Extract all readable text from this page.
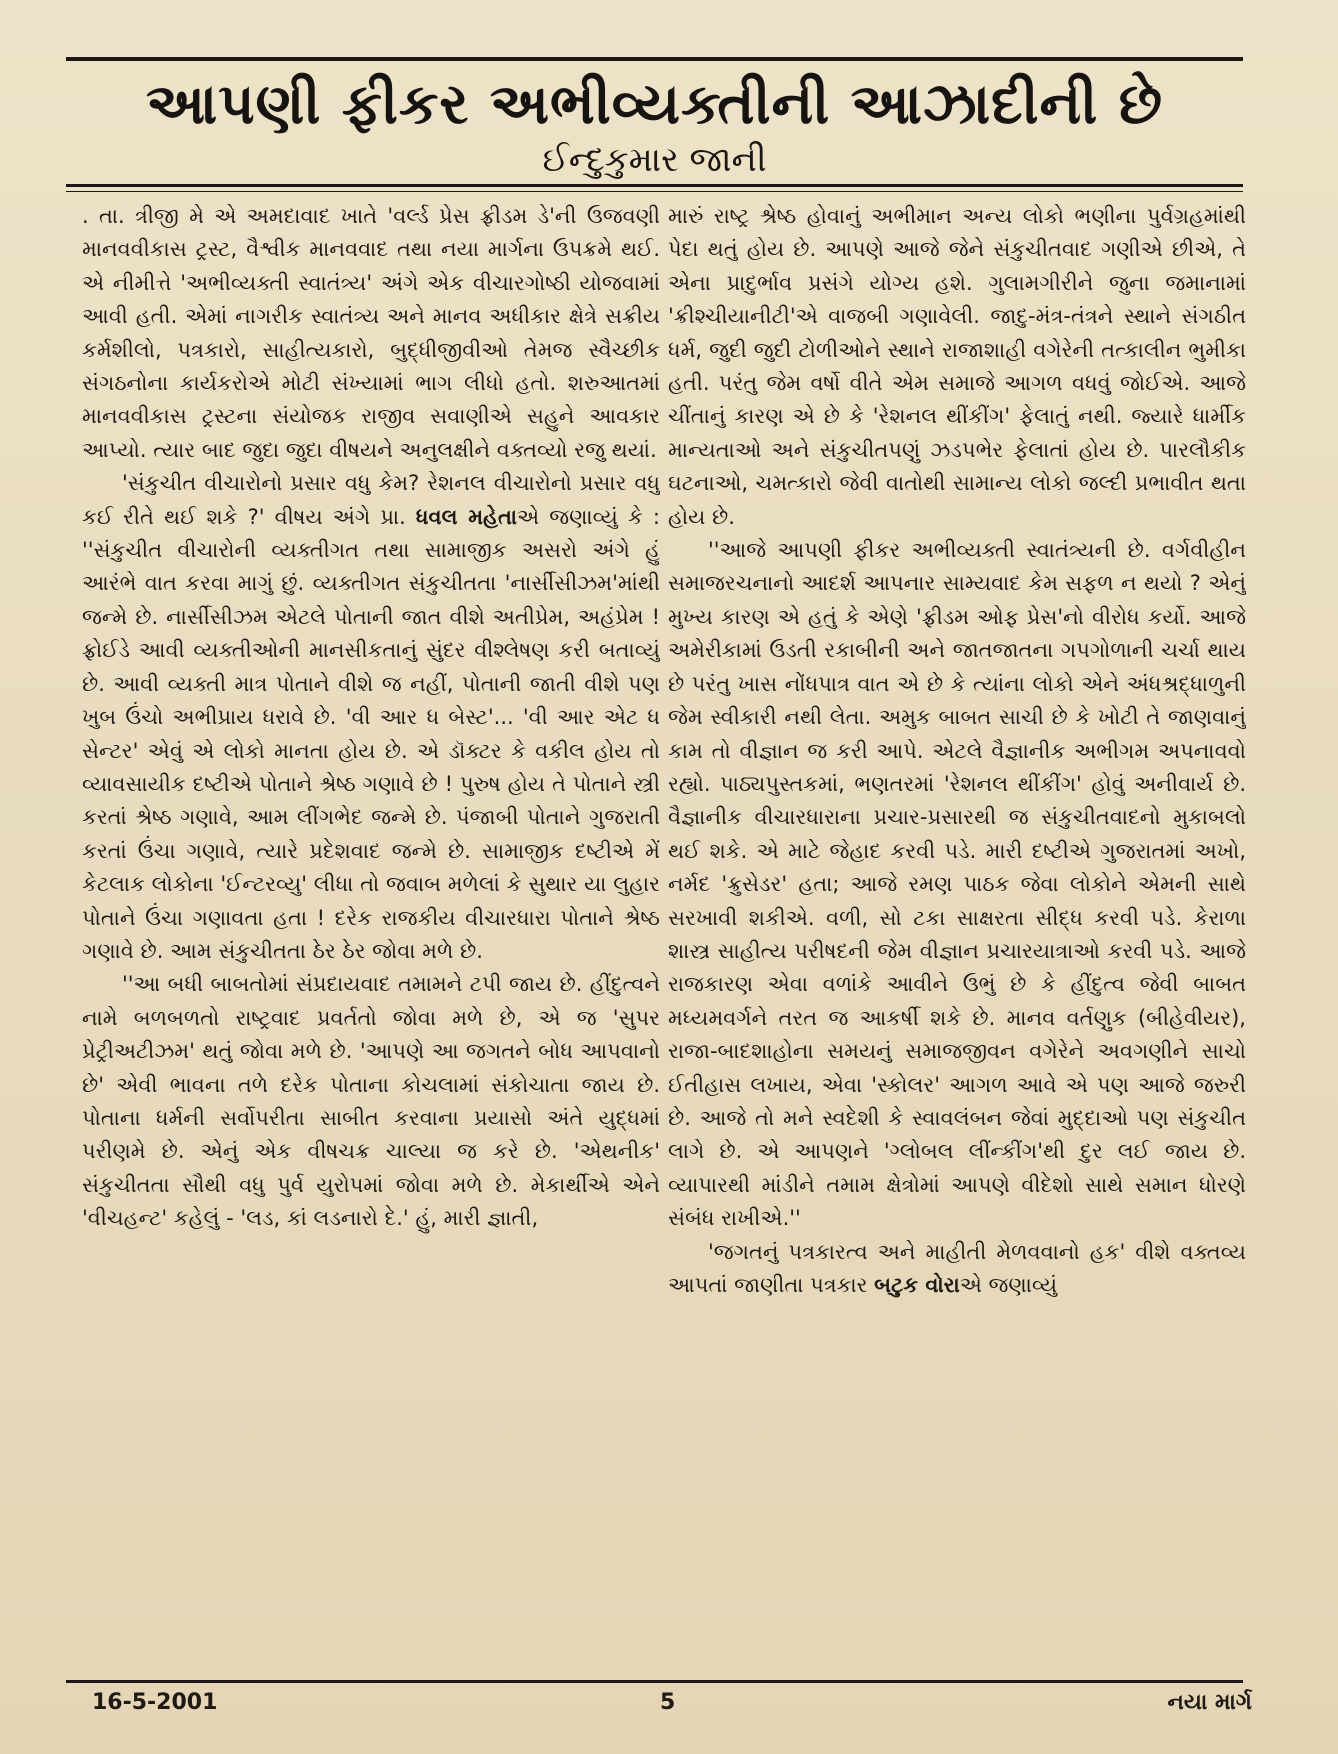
આપણી ફીકર અભીવ્યક્તીની આઝાદીની છે
ઈન્દુકુમાર જાની

. તા. ત્રીજી મે એ અમદાવાદ ખાતે 'વર્લ્ડ પ્રેસ ફ્રીડમ ડે'ની ઉજવણી માનવવીકાસ ટ્રસ્ટ, વૈશ્વીક માનવવાદ તથા નયા માર્ગના ઉપક્રમે થઈ. એ નીમીત્તે 'અભીવ્યક્તી સ્વાતંત્ર્ય' અંગે એક વીચારગોષ્ઠી યોજવામાં આવી હતી. એમાં નાગરીક સ્વાતંત્ર્ય અને માનવ અધીકાર ક્ષેત્રે સક્રીય કર્મશીલો, પત્રકારો, સાહીત્યકારો, બુદ્ધીજીવીઓ તેમજ સ્વૈચ્છીક સંગઠનોના કાર્યકરોએ મોટી સંખ્યામાં ભાગ લીધો હતો. શરુઆતમાં માનવવીકાસ ટ્રસ્ટના સંયોજક રાજીવ સવાણીએ સહુને આવકાર આપ્યો. ત્યાર બાદ જુદા જુદા વીષયને અનુલક્ષીને વક્તવ્યો રજુ થયાં.

'સંકુચીત વીચારોનો પ્રસાર વધુ કેમ? રેશનલ વીચારોનો પ્રસાર વધુ કઈ રીતે થઈ શકે ?' વીષય અંગે પ્રા. ધવલ મહેતાએ જણાવ્યું કે : ''સંકુચીત વીચારોની વ્યક્તીગત તથા સામાજીક અસરો અંગે હું આરંભે વાત કરવા માગું છું. વ્યક્તીગત સંકુચીતતા 'નાર્સીસીઝમ'માંથી જન્મે છે. નાર્સીસીઝમ એટલે પોતાની જાત વીશે અતીપ્રેમ, અહંપ્રેમ ! ફ્રોઈડે આવી વ્યક્તીઓની માનસીકતાનું સુંદર વીશ્લેષણ કરી બતાવ્યું છે. આવી વ્યક્તી માત્ર પોતાને વીશે જ નહીં, પોતાની જાતી વીશે પણ ખુબ ઉંચો અભીપ્રાય ધરાવે છે. 'વી આર ધ બેસ્ટ'... 'વી આર એટ ધ સેન્ટર' એવું એ લોકો માનતા હોય છે. એ ડૉક્ટર કે વકીલ હોય તો વ્યાવસાયીક દષ્ટીએ પોતાને શ્રેષ્ઠ ગણાવે છે ! પુરુષ હોય તે પોતાને સ્ત્રી કરતાં શ્રેષ્ઠ ગણાવે, આમ લીંગભેદ જન્મે છે. પંજાબી પોતાને ગુજરાતી કરતાં ઉંચા ગણાવે, ત્યારે પ્રદેશવાદ જન્મે છે. સામાજીક દષ્ટીએ મેં કેટલાક લોકોના 'ઈન્ટરવ્યુ' લીધા તો જવાબ મળેલાં કે સુથાર યા લુહાર પોતાને ઉંચા ગણાવતા હતા ! દરેક રાજકીય વીચારધારા પોતાને શ્રેષ્ઠ ગણાવે છે. આમ સંકુચીતતા ઠેર ઠેર જોવા મળે છે.

''આ બધી બાબતોમાં સંપ્રદાયવાદ તમામને ટપી જાય છે. હીંદુત્વને નામે બળબળતો રાષ્ટ્રવાદ પ્રવર્તતો જોવા મળે છે, એ જ 'સુપર પ્રેટ્રીઅટીઝમ' થતું જોવા મળે છે. 'આપણે આ જગતને બોધ આપવાનો છે' એવી ભાવના તળે દરેક પોતાના કોચલામાં સંકોચાતા જાય છે. પોતાના ધર્મની સર્વોપરીતા સાબીત કરવાના પ્રયાસો અંતે યુદ્ધમાં પરીણમે છે. એનું એક વીષચક્ર ચાલ્યા જ કરે છે. 'એથનીક' સંકુચીતતા સૌથી વધુ પુર્વ યુરોપમાં જોવા મળે છે. મેકાર્થીએ એને 'વીચહન્ટ' કહેલું - 'લડ, કાં લડનારો દે.' હું, મારી જ્ઞાતી,

મારું રાષ્ટ્ર શ્રેષ્ઠ હોવાનું અભીમાન અન્ય લોકો ભણીના પુર્વગ્રહમાંથી પેદા થતું હોય છે. આપણે આજે જેને સંકુચીતવાદ ગણીએ છીએ, તે એના પ્રાદુર્ભાવ પ્રસંગે યોગ્ય હશે. ગુલામગીરીને જુના જમાનામાં 'ક્રીશ્ચીયાનીટી'એ વાજબી ગણાવેલી. જાદુ-મંત્ર-તંત્રને સ્થાને સંગઠીત ધર્મ, જુદી જુદી ટોળીઓને સ્થાને રાજાશાહી વગેરેની તત્કાલીન ભુમીકા હતી. પરંતુ જેમ વર્ષો વીતે એમ સમાજે આગળ વધવું જોઈએ. આજે ચીંતાનું કારણ એ છે કે 'રેશનલ થીંકીંગ' ફેલાતું નથી. જ્યારે ધાર્મીક માન્યતાઓ અને સંકુચીતપણું ઝડપભેર ફેલાતાં હોય છે. પારલૌકીક ઘટનાઓ, ચમત્કારો જેવી વાતોથી સામાન્ય લોકો જલ્દી પ્રભાવીત થતા હોય છે.

''આજે આપણી ફીકર અભીવ્યક્તી સ્વાતંત્ર્યની છે. વર્ગવીહીન સમાજરચનાનો આદર્શ આપનાર સામ્યવાદ કેમ સફળ ન થયો ? એનું મુખ્ય કારણ એ હતું કે એણે 'ફ્રીડમ ઓફ પ્રેસ'નો વીરોધ કર્યો. આજે અમેરીકામાં ઉડતી રકાબીની અને જાતજાતના ગપગોળાની ચર્ચા થાય છે પરંતુ ખાસ નોંધપાત્ર વાત એ છે કે ત્યાંના લોકો એને અંધશ્રદ્ધાળુની જેમ સ્વીકારી નથી લેતા. અમુક બાબત સાચી છે કે ખોટી તે જાણવાનું કામ તો વીજ્ઞાન જ કરી આપે. એટલે વૈજ્ઞાનીક અભીગમ અપનાવવો રહ્યો. પાઠ્યપુસ્તકમાં, ભણતરમાં 'રેશનલ થીંકીંગ' હોવું અનીવાર્ય છે. વૈજ્ઞાનીક વીચારધારાના પ્રચાર-પ્રસારથી જ સંકુચીતવાદનો મુકાબલો થઈ શકે. એ માટે જેહાદ કરવી પડે. મારી દષ્ટીએ ગુજરાતમાં અખો, નર્મદ 'ક્રુસેડર' હતા; આજે રમણ પાઠક જેવા લોકોને એમની સાથે સરખાવી શકીએ. વળી, સો ટકા સાક્ષરતા સીદ્ધ કરવી પડે. કેરાળા શાસ્ત્ર સાહીત્ય પરીષદની જેમ વીજ્ઞાન પ્રચારયાત્રાઓ કરવી પડે. આજે રાજકારણ એવા વળાંકે આવીને ઉભું છે કે હીંદુત્વ જેવી બાબત મધ્યમવર્ગને તરત જ આકર્ષી શકે છે. માનવ વર્તણુક (બીહેવીયર), રાજા-બાદશાહોના સમયનું સમાજજીવન વગેરેને અવગણીને સાચો ઈતીહાસ લખાય, એવા 'સ્કોલર' આગળ આવે એ પણ આજે જરુરી છે. આજે તો મને સ્વદેશી કે સ્વાવલંબન જેવાં મુદ્દાઓ પણ સંકુચીત લાગે છે. એ આપણને 'ગ્લોબલ લીંન્કીંગ'થી દુર લઈ જાય છે. વ્યાપારથી માંડીને તમામ ક્ષેત્રોમાં આપણે વીદેશો સાથે સમાન ધોરણે સંબંધ રાખીએ.''

'જગતનું પત્રકારત્વ અને માહીતી મેળવવાનો હક' વીશે વક્તવ્ય આપતાં જાણીતા પત્રકાર બટુક વોરાએ જણાવ્યું

16-5-2001	5	નયા માર્ગ
